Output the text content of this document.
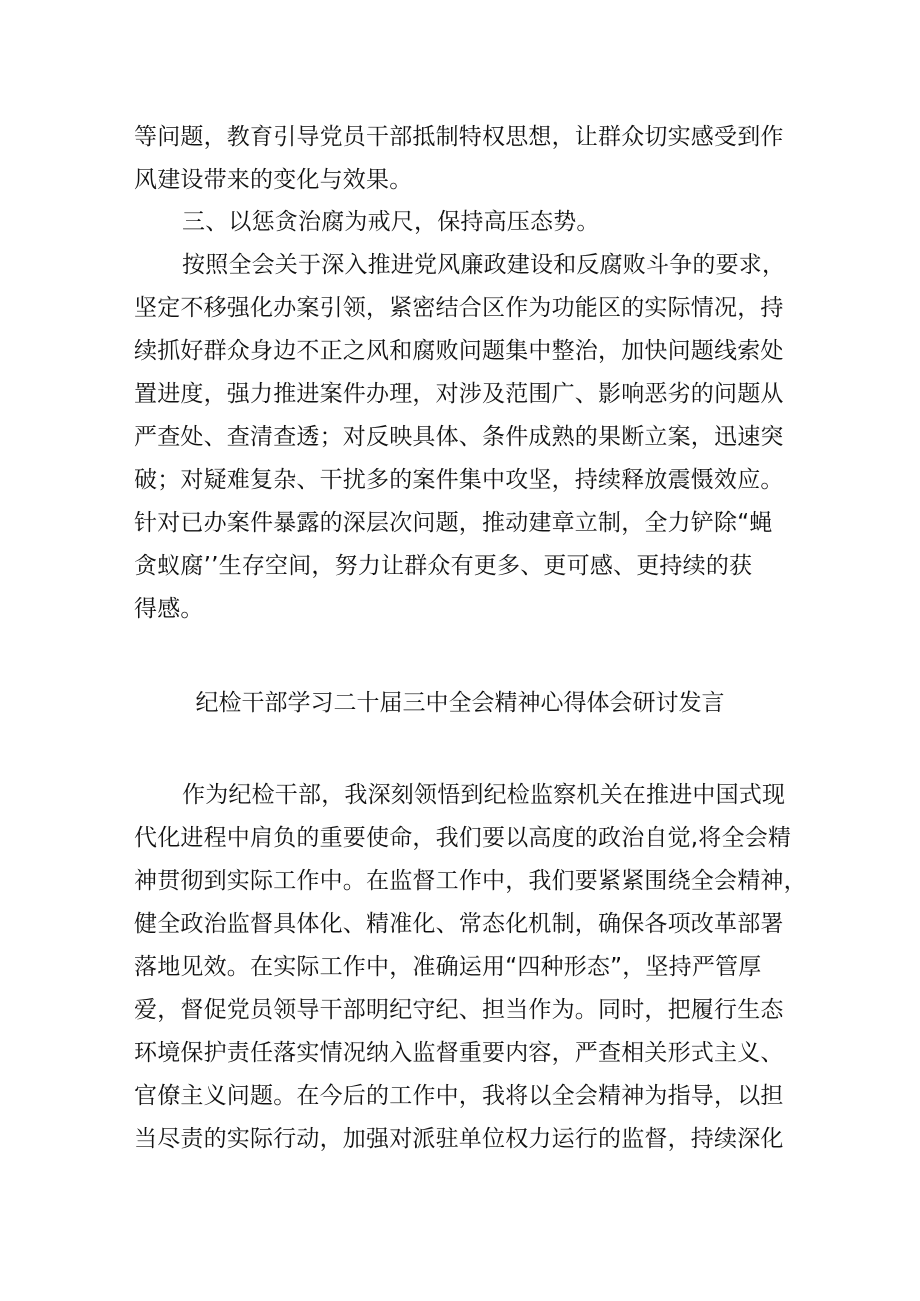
等问题，教育引导党员干部抵制特权思想，让群众切实感受到作
风建设带来的变化与效果。
三、以惩贪治腐为戒尺，保持高压态势。
按照全会关于深入推进党风廉政建设和反腐败斗争的要求，
坚定不移强化办案引领，紧密结合区作为功能区的实际情况，持
续抓好群众身边不正之风和腐败问题集中整治，加快问题线索处
置进度，强力推进案件办理，对涉及范围广、影响恶劣的问题从
严查处、查清查透；对反映具体、条件成熟的果断立案，迅速突
破；对疑难复杂、干扰多的案件集中攻坚，持续释放震慑效应。
针对已办案件暴露的深层次问题，推动建章立制，全力铲除“蝇
贪蚁腐’’生存空间，努力让群众有更多、更可感、更持续的获
得感。
纪检干部学习二十届三中全会精神心得体会研讨发言
作为纪检干部，我深刻领悟到纪检监察机关在推进中国式现
代化进程中肩负的重要使命，我们要以高度的政治自觉,将全会精
神贯彻到实际工作中。在监督工作中，我们要紧紧围绕全会精神，
健全政治监督具体化、精准化、常态化机制，确保各项改革部署
落地见效。在实际工作中，准确运用“四种形态”，坚持严管厚
爱，督促党员领导干部明纪守纪、担当作为。同时，把履行生态
环境保护责任落实情况纳入监督重要内容，严查相关形式主义、
官僚主义问题。在今后的工作中，我将以全会精神为指导，以担
当尽责的实际行动，加强对派驻单位权力运行的监督，持续深化
